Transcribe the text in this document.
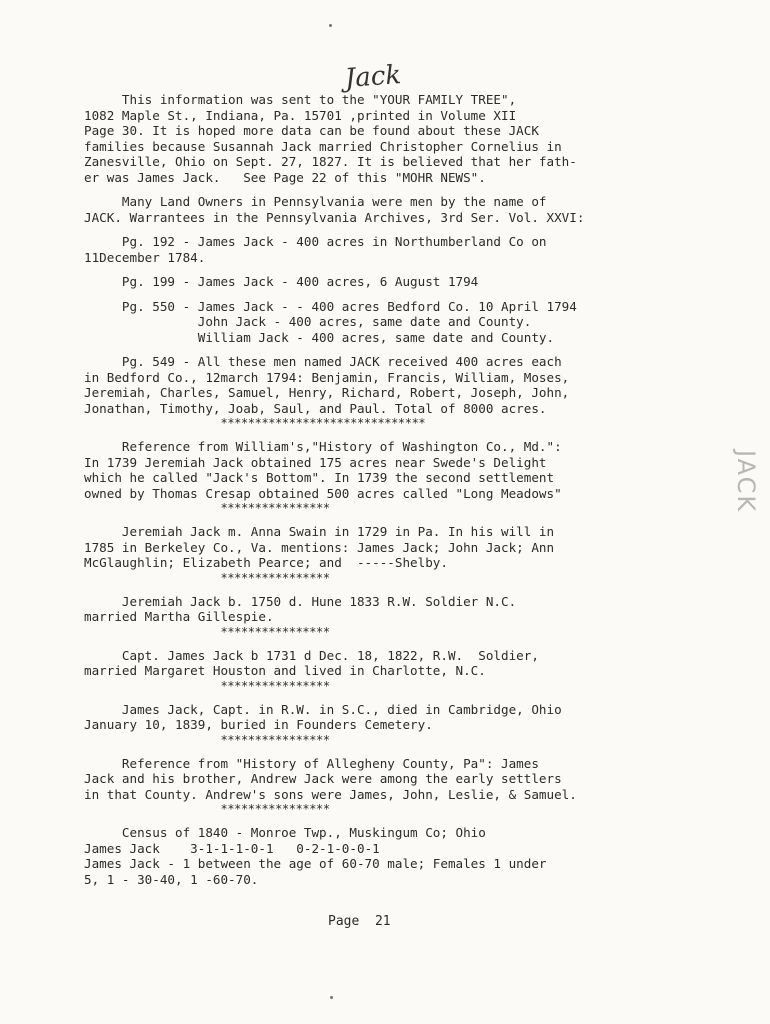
Jack
This information was sent to the "YOUR FAMILY TREE",
1082 Maple St., Indiana, Pa. 15701 ,printed in Volume XII
Page 30. It is hoped more data can be found about these JACK
families because Susannah Jack married Christopher Cornelius in
Zanesville, Ohio on Sept. 27, 1827. It is believed that her fath-
er was James Jack.   See Page 22 of this "MOHR NEWS".
Many Land Owners in Pennsylvania were men by the name of
JACK. Warrantees in the Pennsylvania Archives, 3rd Ser. Vol. XXVI:
Pg. 192 - James Jack - 400 acres in Northumberland Co on
11December 1784.
Pg. 199 - James Jack - 400 acres, 6 August 1794
Pg. 550 - James Jack - - 400 acres Bedford Co. 10 April 1794
John Jack - 400 acres, same date and County.
William Jack - 400 acres, same date and County.
Pg. 549 - All these men named JACK received 400 acres each
in Bedford Co., 12march 1794: Benjamin, Francis, William, Moses,
Jeremiah, Charles, Samuel, Henry, Richard, Robert, Joseph, John,
Jonathan, Timothy, Joab, Saul, and Paul. Total of 8000 acres.
******************************
Reference from William's,"History of Washington Co., Md.":
In 1739 Jeremiah Jack obtained 175 acres near Swede's Delight
which he called "Jack's Bottom". In 1739 the second settlement
owned by Thomas Cresap obtained 500 acres called "Long Meadows"
****************
Jeremiah Jack m. Anna Swain in 1729 in Pa. In his will in
1785 in Berkeley Co., Va. mentions: James Jack; John Jack; Ann
McGlaughlin; Elizabeth Pearce; and  -----Shelby.
****************
Jeremiah Jack b. 1750 d. Hune 1833 R.W. Soldier N.C.
married Martha Gillespie.
****************
Capt. James Jack b 1731 d Dec. 18, 1822, R.W.  Soldier,
married Margaret Houston and lived in Charlotte, N.C.
****************
James Jack, Capt. in R.W. in S.C., died in Cambridge, Ohio
January 10, 1839, buried in Founders Cemetery.
****************
Reference from "History of Allegheny County, Pa": James
Jack and his brother, Andrew Jack were among the early settlers
in that County. Andrew's sons were James, John, Leslie, & Samuel.
****************
Census of 1840 - Monroe Twp., Muskingum Co; Ohio
James Jack    3-1-1-1-0-1   0-2-1-0-0-1
James Jack - 1 between the age of 60-70 male; Females 1 under
5, 1 - 30-40, 1 -60-70.
Page  21
JACK
